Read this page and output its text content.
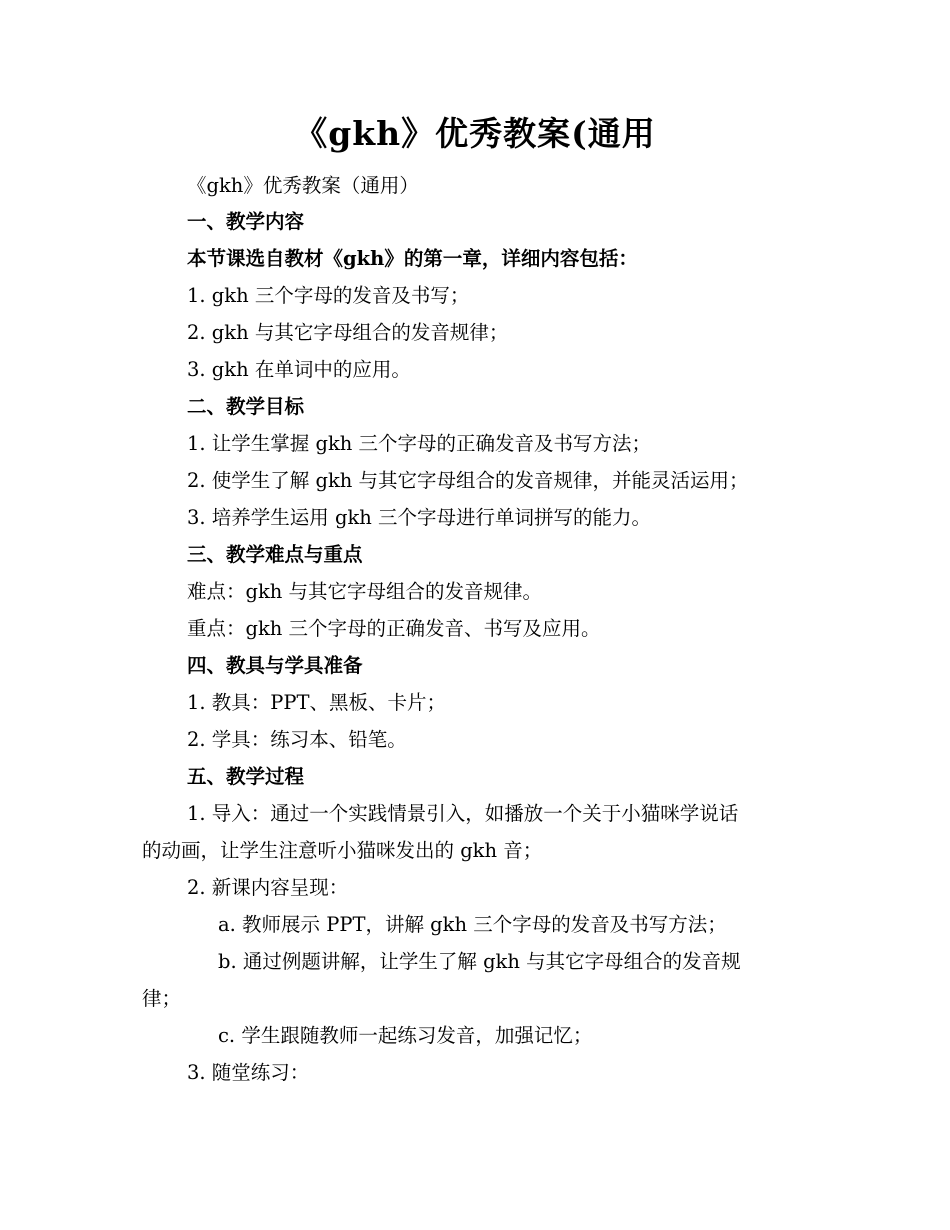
《gkh》优秀教案(通用
《gkh》优秀教案（通用）
一、教学内容
本节课选自教材《gkh》的第一章，详细内容包括：
1. gkh 三个字母的发音及书写；
2. gkh 与其它字母组合的发音规律；
3. gkh 在单词中的应用。
二、教学目标
1. 让学生掌握 gkh 三个字母的正确发音及书写方法；
2. 使学生了解 gkh 与其它字母组合的发音规律，并能灵活运用；
3. 培养学生运用 gkh 三个字母进行单词拼写的能力。
三、教学难点与重点
难点：gkh 与其它字母组合的发音规律。
重点：gkh 三个字母的正确发音、书写及应用。
四、教具与学具准备
1. 教具：PPT、黑板、卡片；
2. 学具：练习本、铅笔。
五、教学过程
1. 导入：通过一个实践情景引入，如播放一个关于小猫咪学说话
的动画，让学生注意听小猫咪发出的 gkh 音；
2. 新课内容呈现：
a. 教师展示 PPT，讲解 gkh 三个字母的发音及书写方法；
b. 通过例题讲解，让学生了解 gkh 与其它字母组合的发音规
律；
c. 学生跟随教师一起练习发音，加强记忆；
3. 随堂练习：
